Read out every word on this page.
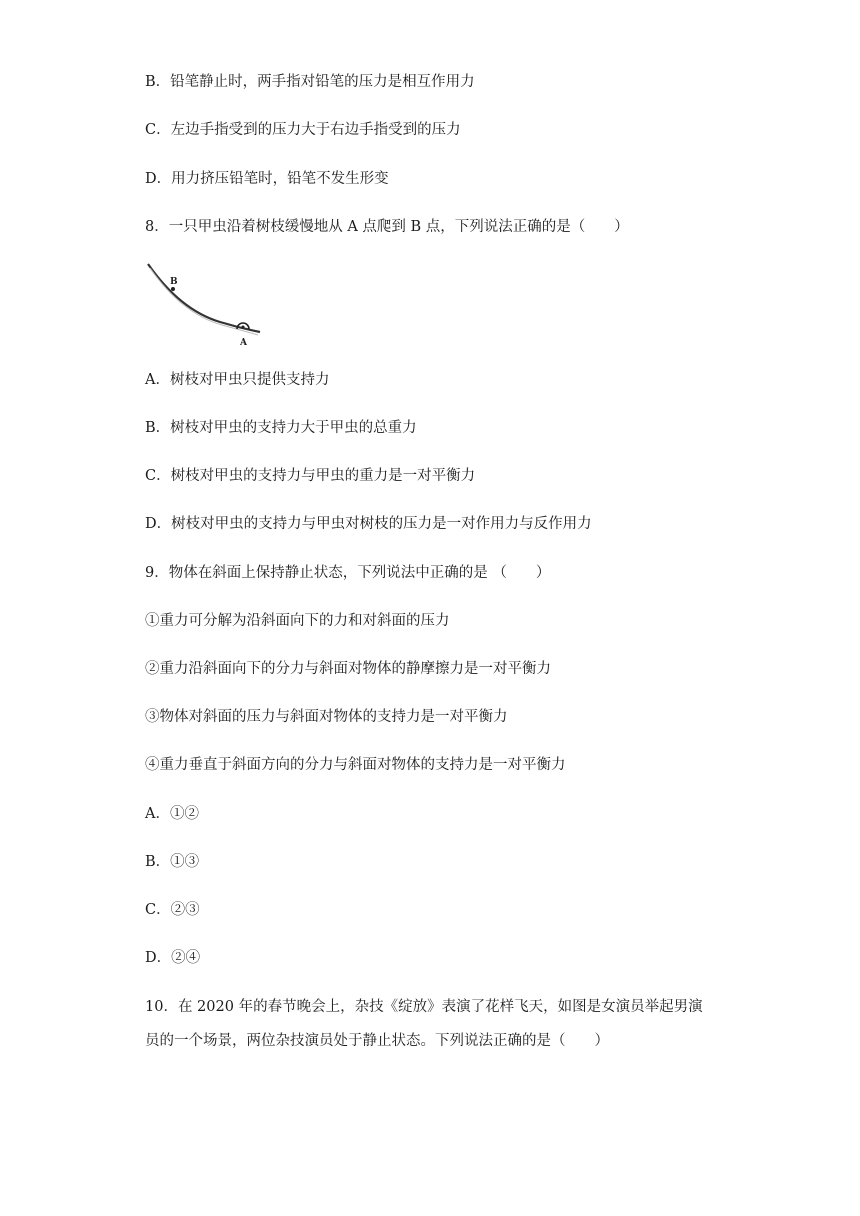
B．铅笔静止时，两手指对铅笔的压力是相互作用力
C．左边手指受到的压力大于右边手指受到的压力
D．用力挤压铅笔时，铅笔不发生形变
8．一只甲虫沿着树枝缓慢地从 A 点爬到 B 点，下列说法正确的是（　　）
B
A
A．树枝对甲虫只提供支持力
B．树枝对甲虫的支持力大于甲虫的总重力
C．树枝对甲虫的支持力与甲虫的重力是一对平衡力
D．树枝对甲虫的支持力与甲虫对树枝的压力是一对作用力与反作用力
9．物体在斜面上保持静止状态，下列说法中正确的是 （　　）
①重力可分解为沿斜面向下的力和对斜面的压力
②重力沿斜面向下的分力与斜面对物体的静摩擦力是一对平衡力
③物体对斜面的压力与斜面对物体的支持力是一对平衡力
④重力垂直于斜面方向的分力与斜面对物体的支持力是一对平衡力
A．①②
B．①③
C．②③
D．②④
10．在 2020 年的春节晚会上，杂技《绽放》表演了花样飞天，如图是女演员举起男演
员的一个场景，两位杂技演员处于静止状态。下列说法正确的是（　　）
